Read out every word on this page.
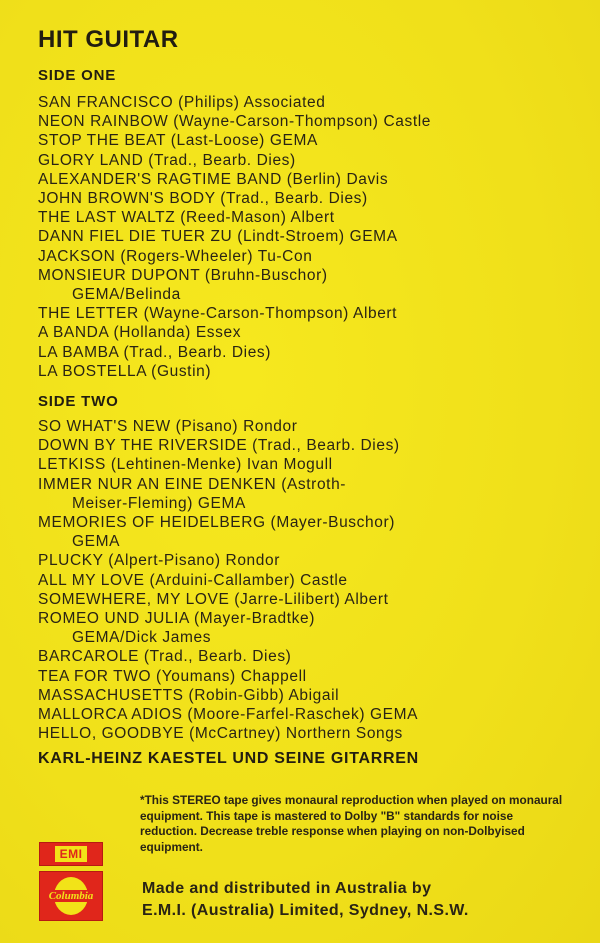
HIT GUITAR
SIDE ONE
SAN FRANCISCO (Philips) Associated
NEON RAINBOW (Wayne-Carson-Thompson) Castle
STOP THE BEAT (Last-Loose) GEMA
GLORY LAND (Trad., Bearb. Dies)
ALEXANDER'S RAGTIME BAND (Berlin) Davis
JOHN BROWN'S BODY (Trad., Bearb. Dies)
THE LAST WALTZ (Reed-Mason) Albert
DANN FIEL DIE TUER ZU (Lindt-Stroem) GEMA
JACKSON (Rogers-Wheeler) Tu-Con
MONSIEUR DUPONT (Bruhn-Buschor)
GEMA/Belinda
THE LETTER (Wayne-Carson-Thompson) Albert
A BANDA (Hollanda) Essex
LA BAMBA (Trad., Bearb. Dies)
LA BOSTELLA (Gustin)
SIDE TWO
SO WHAT'S NEW (Pisano) Rondor
DOWN BY THE RIVERSIDE (Trad., Bearb. Dies)
LETKISS (Lehtinen-Menke) Ivan Mogull
IMMER NUR AN EINE DENKEN (Astroth-
Meiser-Fleming) GEMA
MEMORIES OF HEIDELBERG (Mayer-Buschor)
GEMA
PLUCKY (Alpert-Pisano) Rondor
ALL MY LOVE (Arduini-Callamber) Castle
SOMEWHERE, MY LOVE (Jarre-Lilibert) Albert
ROMEO UND JULIA (Mayer-Bradtke)
GEMA/Dick James
BARCAROLE (Trad., Bearb. Dies)
TEA FOR TWO (Youmans) Chappell
MASSACHUSETTS (Robin-Gibb) Abigail
MALLORCA ADIOS (Moore-Farfel-Raschek) GEMA
HELLO, GOODBYE (McCartney) Northern Songs
KARL-HEINZ KAESTEL UND SEINE GITARREN
*This STEREO tape gives monaural reproduction when played on monaural equipment. This tape is mastered to Dolby "B" standards for noise reduction. Decrease treble response when playing on non-Dolbyised equipment.
EMI
Columbia	Made and distributed in Australia by
E.M.I. (Australia) Limited, Sydney, N.S.W.
